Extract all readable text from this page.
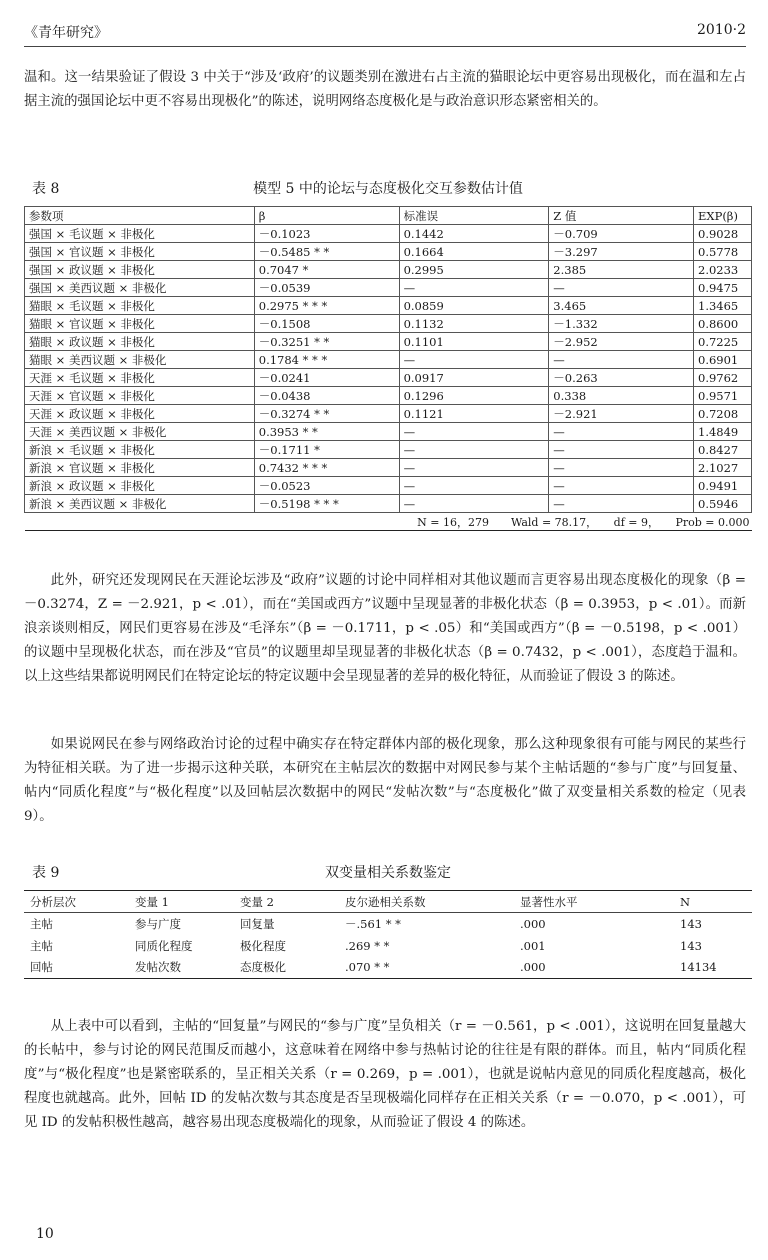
《青年研究》	2010·2

温和。这一结果验证了假设 3 中关于“涉及‘政府’的议题类别在激进右占主流的猫眼论坛中更容易出现极化，而在温和左占据主流的强国论坛中更不容易出现极化”的陈述，说明网络态度极化是与政治意识形态紧密相关的。

表 8	模型 5 中的论坛与态度极化交互参数估计值
参数项	β	标准误	Z 值	EXP(β)
强国 × 毛议题 × 非极化	－0.1023	0.1442	－0.709	0.9028
强国 × 官议题 × 非极化	－0.5485 * *	0.1664	－3.297	0.5778
强国 × 政议题 × 非极化	0.7047 *	0.2995	2.385	2.0233
强国 × 美西议题 × 非极化	－0.0539	—	—	0.9475
猫眼 × 毛议题 × 非极化	0.2975 * * *	0.0859	3.465	1.3465
猫眼 × 官议题 × 非极化	－0.1508	0.1132	－1.332	0.8600
猫眼 × 政议题 × 非极化	－0.3251 * *	0.1101	－2.952	0.7225
猫眼 × 美西议题 × 非极化	0.1784 * * *	—	—	0.6901
天涯 × 毛议题 × 非极化	－0.0241	0.0917	－0.263	0.9762
天涯 × 官议题 × 非极化	－0.0438	0.1296	0.338	0.9571
天涯 × 政议题 × 非极化	－0.3274 * *	0.1121	－2.921	0.7208
天涯 × 美西议题 × 非极化	0.3953 * *	—	—	1.4849
新浪 × 毛议题 × 非极化	－0.1711 *	—	—	0.8427
新浪 × 官议题 × 非极化	0.7432 * * *	—	—	2.1027
新浪 × 政议题 × 非极化	－0.0523	—	—	0.9491
新浪 × 美西议题 × 非极化	－0.5198 * * *	—	—	0.5946
N = 16，279　　Wald = 78.17，　　df = 9，　　Prob = 0.000				

此外，研究还发现网民在天涯论坛涉及“政府”议题的讨论中同样相对其他议题而言更容易出现态度极化的现象（β = －0.3274，Z = －2.921，p < .01），而在“美国或西方”议题中呈现显著的非极化状态（β = 0.3953，p < .01）。而新浪亲谈则相反，网民们更容易在涉及“毛泽东”（β = －0.1711，p < .05）和“美国或西方”（β = －0.5198，p < .001）的议题中呈现极化状态，而在涉及“官员”的议题里却呈现显著的非极化状态（β = 0.7432，p < .001），态度趋于温和。以上这些结果都说明网民们在特定论坛的特定议题中会呈现显著的差异的极化特征，从而验证了假设 3 的陈述。

如果说网民在参与网络政治讨论的过程中确实存在特定群体内部的极化现象，那么这种现象很有可能与网民的某些行为特征相关联。为了进一步揭示这种关联，本研究在主帖层次的数据中对网民参与某个主帖话题的“参与广度”与回复量、帖内“同质化程度”与“极化程度”以及回帖层次数据中的网民“发帖次数”与“态度极化”做了双变量相关系数的检定（见表 9）。

表 9	双变量相关系数鉴定
分析层次	变量 1	变量 2	皮尔逊相关系数	显著性水平	N
主帖	参与广度	回复量	－.561 * *	.000	143
主帖	同质化程度	极化程度	.269 * *	.001	143
回帖	发帖次数	态度极化	.070 * *	.000	14134

从上表中可以看到，主帖的“回复量”与网民的“参与广度”呈负相关（r = －0.561，p < .001），这说明在回复量越大的长帖中，参与讨论的网民范围反而越小，这意味着在网络中参与热帖讨论的往往是有限的群体。而且，帖内“同质化程度”与“极化程度”也是紧密联系的，呈正相关关系（r = 0.269，p = .001），也就是说帖内意见的同质化程度越高，极化程度也就越高。此外，回帖 ID 的发帖次数与其态度是否呈现极端化同样存在正相关关系（r = －0.070，p < .001），可见 ID 的发帖积极性越高，越容易出现态度极端化的现象，从而验证了假设 4 的陈述。

10
